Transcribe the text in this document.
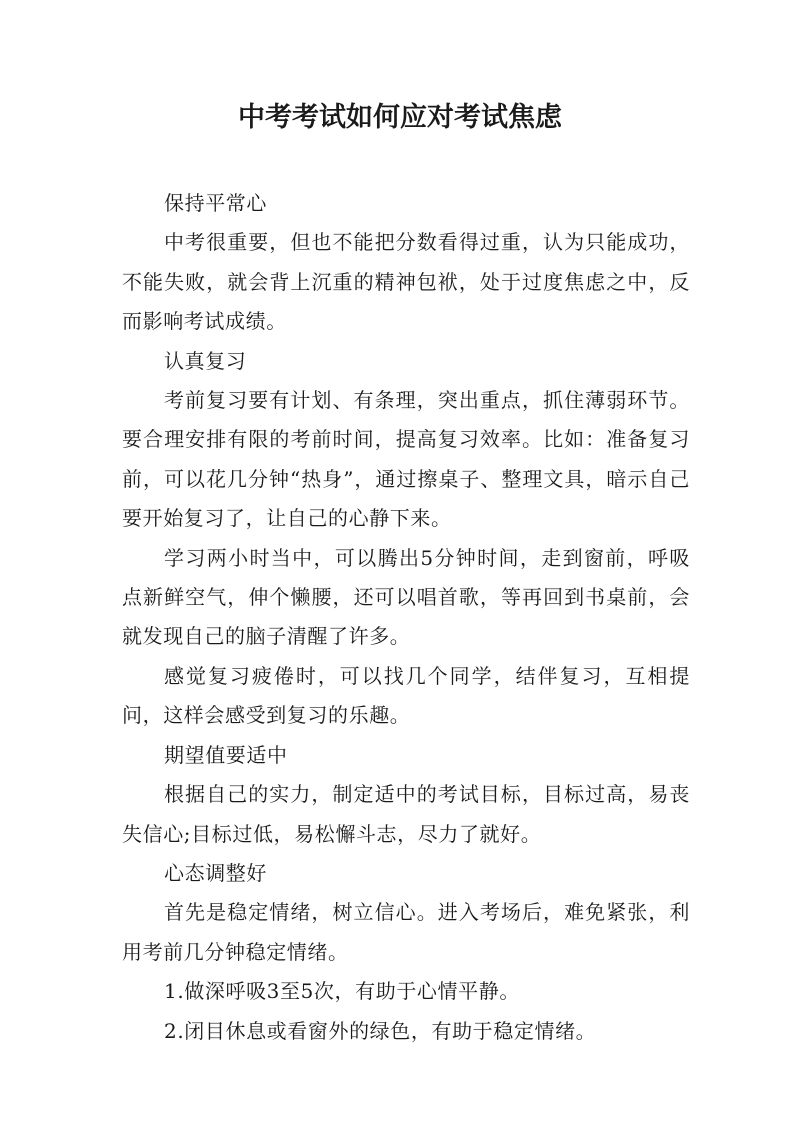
中考考试如何应对考试焦虑

保持平常心

中考很重要，但也不能把分数看得过重，认为只能成功，不能失败，就会背上沉重的精神包袱，处于过度焦虑之中，反而影响考试成绩。

认真复习

考前复习要有计划、有条理，突出重点，抓住薄弱环节。要合理安排有限的考前时间，提高复习效率。比如：准备复习前，可以花几分钟“热身”，通过擦桌子、整理文具，暗示自己要开始复习了，让自己的心静下来。

学习两小时当中，可以腾出5分钟时间，走到窗前，呼吸点新鲜空气，伸个懒腰，还可以唱首歌，等再回到书桌前，会就发现自己的脑子清醒了许多。

感觉复习疲倦时，可以找几个同学，结伴复习，互相提问，这样会感受到复习的乐趣。

期望值要适中

根据自己的实力，制定适中的考试目标，目标过高，易丧失信心;目标过低，易松懈斗志，尽力了就好。

心态调整好

首先是稳定情绪，树立信心。进入考场后，难免紧张，利用考前几分钟稳定情绪。

1.做深呼吸3至5次，有助于心情平静。

2.闭目休息或看窗外的绿色，有助于稳定情绪。
